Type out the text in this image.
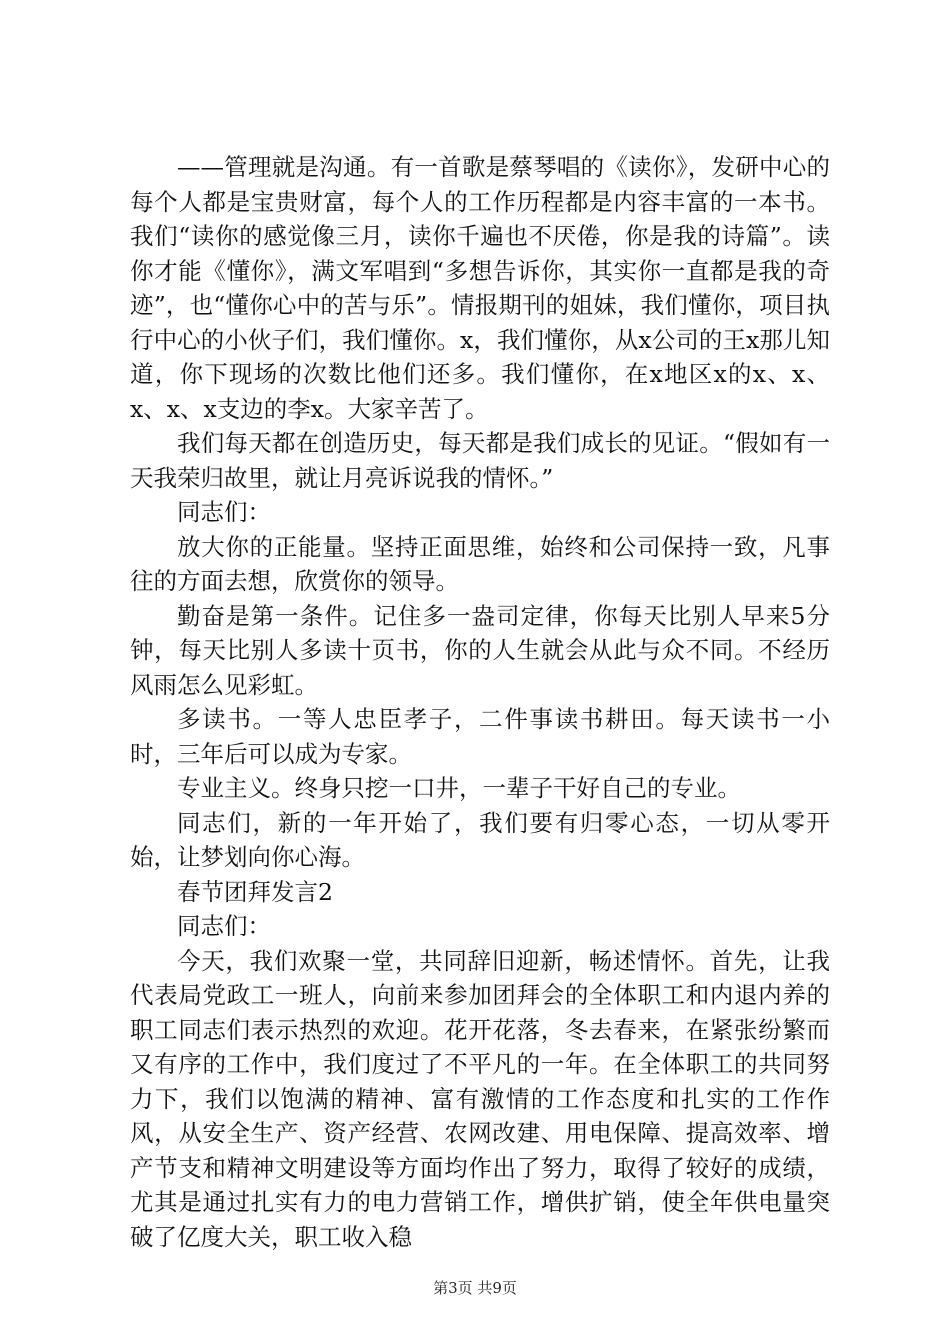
——管理就是沟通。有一首歌是蔡琴唱的《读你》，发研中心的每个人都是宝贵财富，每个人的工作历程都是内容丰富的一本书。我们“读你的感觉像三月，读你千遍也不厌倦，你是我的诗篇”。读你才能《懂你》，满文军唱到“多想告诉你，其实你一直都是我的奇迹”，也“懂你心中的苦与乐”。情报期刊的姐妹，我们懂你，项目执行中心的小伙子们，我们懂你。x，我们懂你，从x公司的王x那儿知道，你下现场的次数比他们还多。我们懂你，在x地区x的x、x、x、x、x支边的李x。大家辛苦了。

我们每天都在创造历史，每天都是我们成长的见证。“假如有一天我荣归故里，就让月亮诉说我的情怀。”

同志们：

放大你的正能量。坚持正面思维，始终和公司保持一致，凡事往的方面去想，欣赏你的领导。

勤奋是第一条件。记住多一盎司定律，你每天比别人早来5分钟，每天比别人多读十页书，你的人生就会从此与众不同。不经历风雨怎么见彩虹。

多读书。一等人忠臣孝子，二件事读书耕田。每天读书一小时，三年后可以成为专家。

专业主义。终身只挖一口井，一辈子干好自己的专业。

同志们，新的一年开始了，我们要有归零心态，一切从零开始，让梦划向你心海。

春节团拜发言2

同志们：

今天，我们欢聚一堂，共同辞旧迎新，畅述情怀。首先，让我代表局党政工一班人，向前来参加团拜会的全体职工和内退内养的职工同志们表示热烈的欢迎。花开花落，冬去春来，在紧张纷繁而又有序的工作中，我们度过了不平凡的一年。在全体职工的共同努力下，我们以饱满的精神、富有激情的工作态度和扎实的工作作风，从安全生产、资产经营、农网改建、用电保障、提高效率、增产节支和精神文明建设等方面均作出了努力，取得了较好的成绩，尤其是通过扎实有力的电力营销工作，增供扩销，使全年供电量突破了亿度大关，职工收入稳

第3页 共9页
